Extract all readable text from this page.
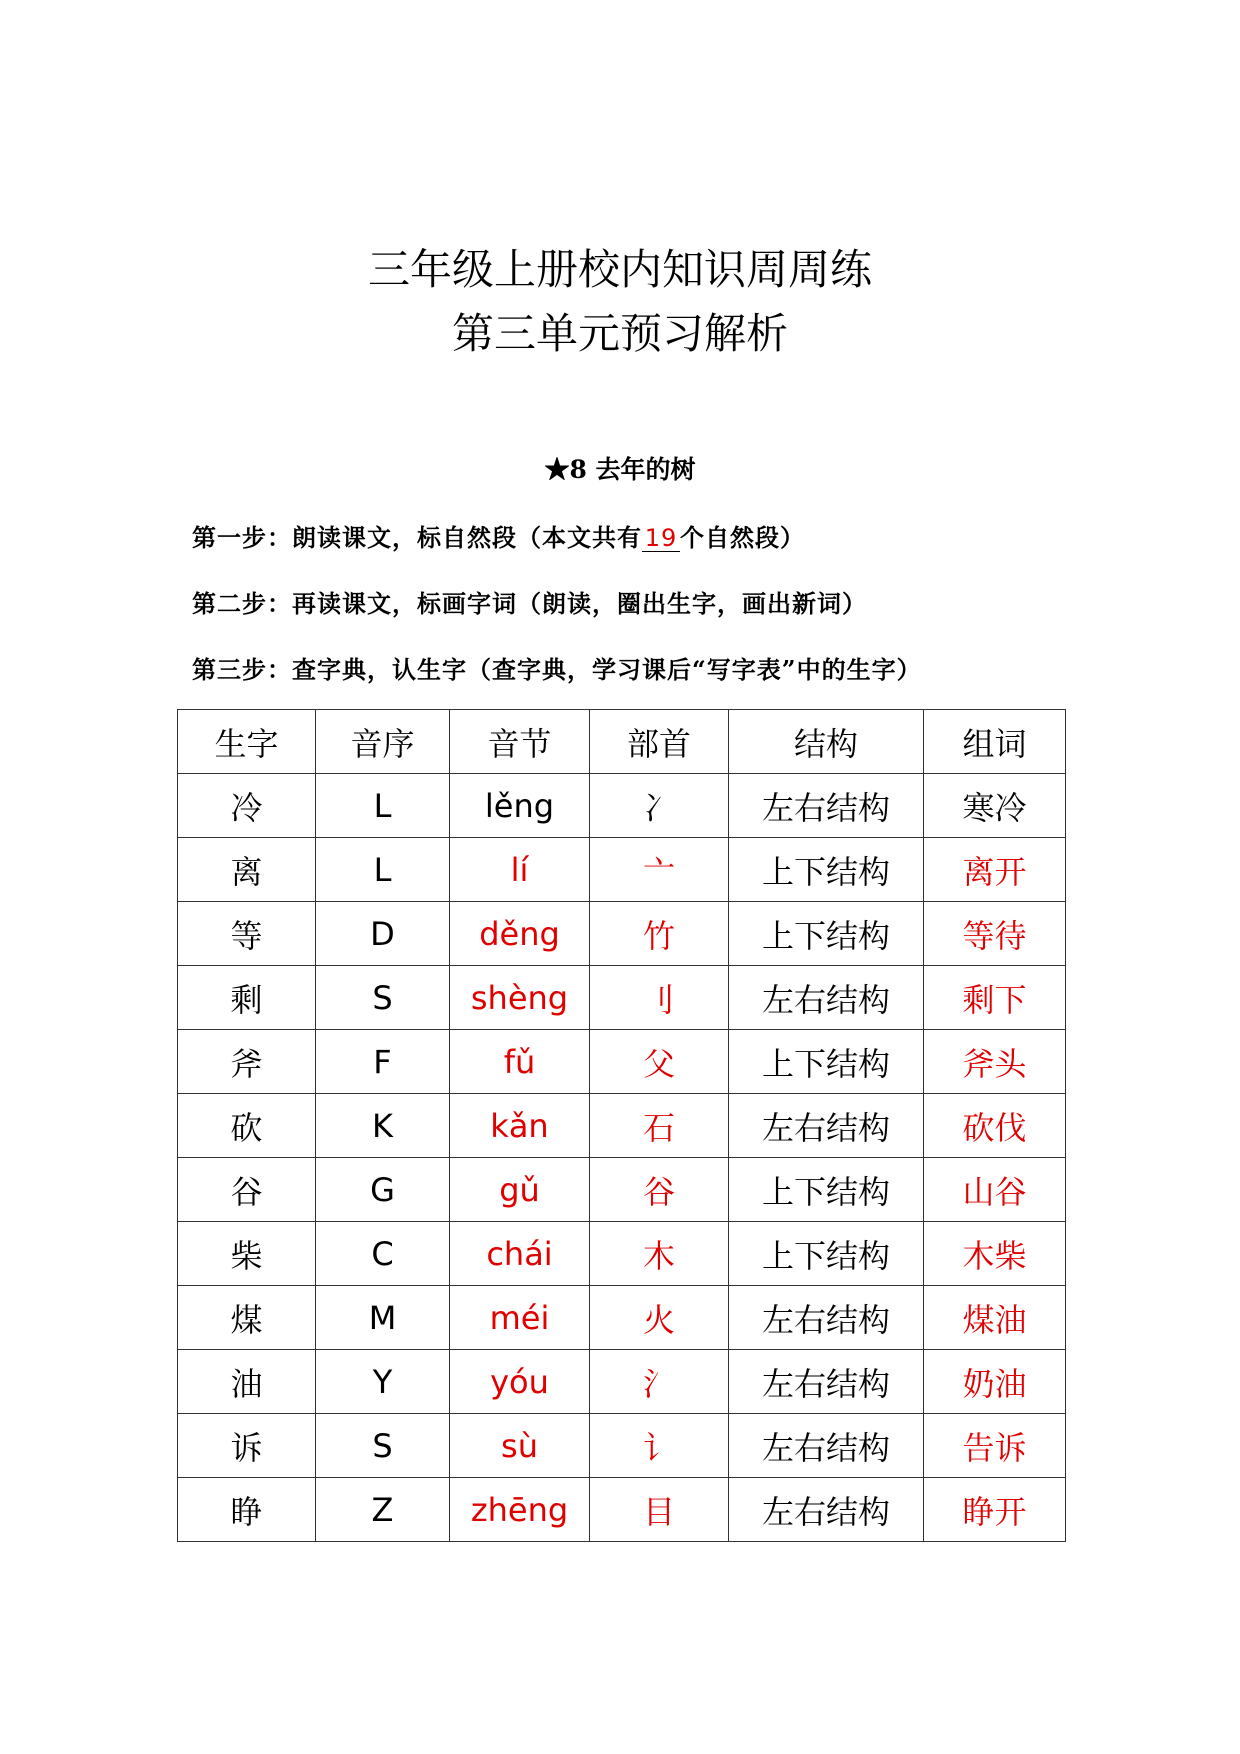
三年级上册校内知识周周练
第三单元预习解析
★8 去年的树
第一步：朗读课文，标自然段（本文共有 19 个自然段）
第二步：再读课文，标画字词（朗读，圈出生字，画出新词）
第三步：查字典，认生字（查字典，学习课后“写字表”中的生字）
生字	音序	音节	部首	结构	组词
冷	L	lěng	冫	左右结构	寒冷
离	L	lí	亠	上下结构	离开
等	D	děng	竹	上下结构	等待
剩	S	shèng	刂	左右结构	剩下
斧	F	fǔ	父	上下结构	斧头
砍	K	kǎn	石	左右结构	砍伐
谷	G	gǔ	谷	上下结构	山谷
柴	C	chái	木	上下结构	木柴
煤	M	méi	火	左右结构	煤油
油	Y	yóu	氵	左右结构	奶油
诉	S	sù	讠	左右结构	告诉
睁	Z	zhēng	目	左右结构	睁开
